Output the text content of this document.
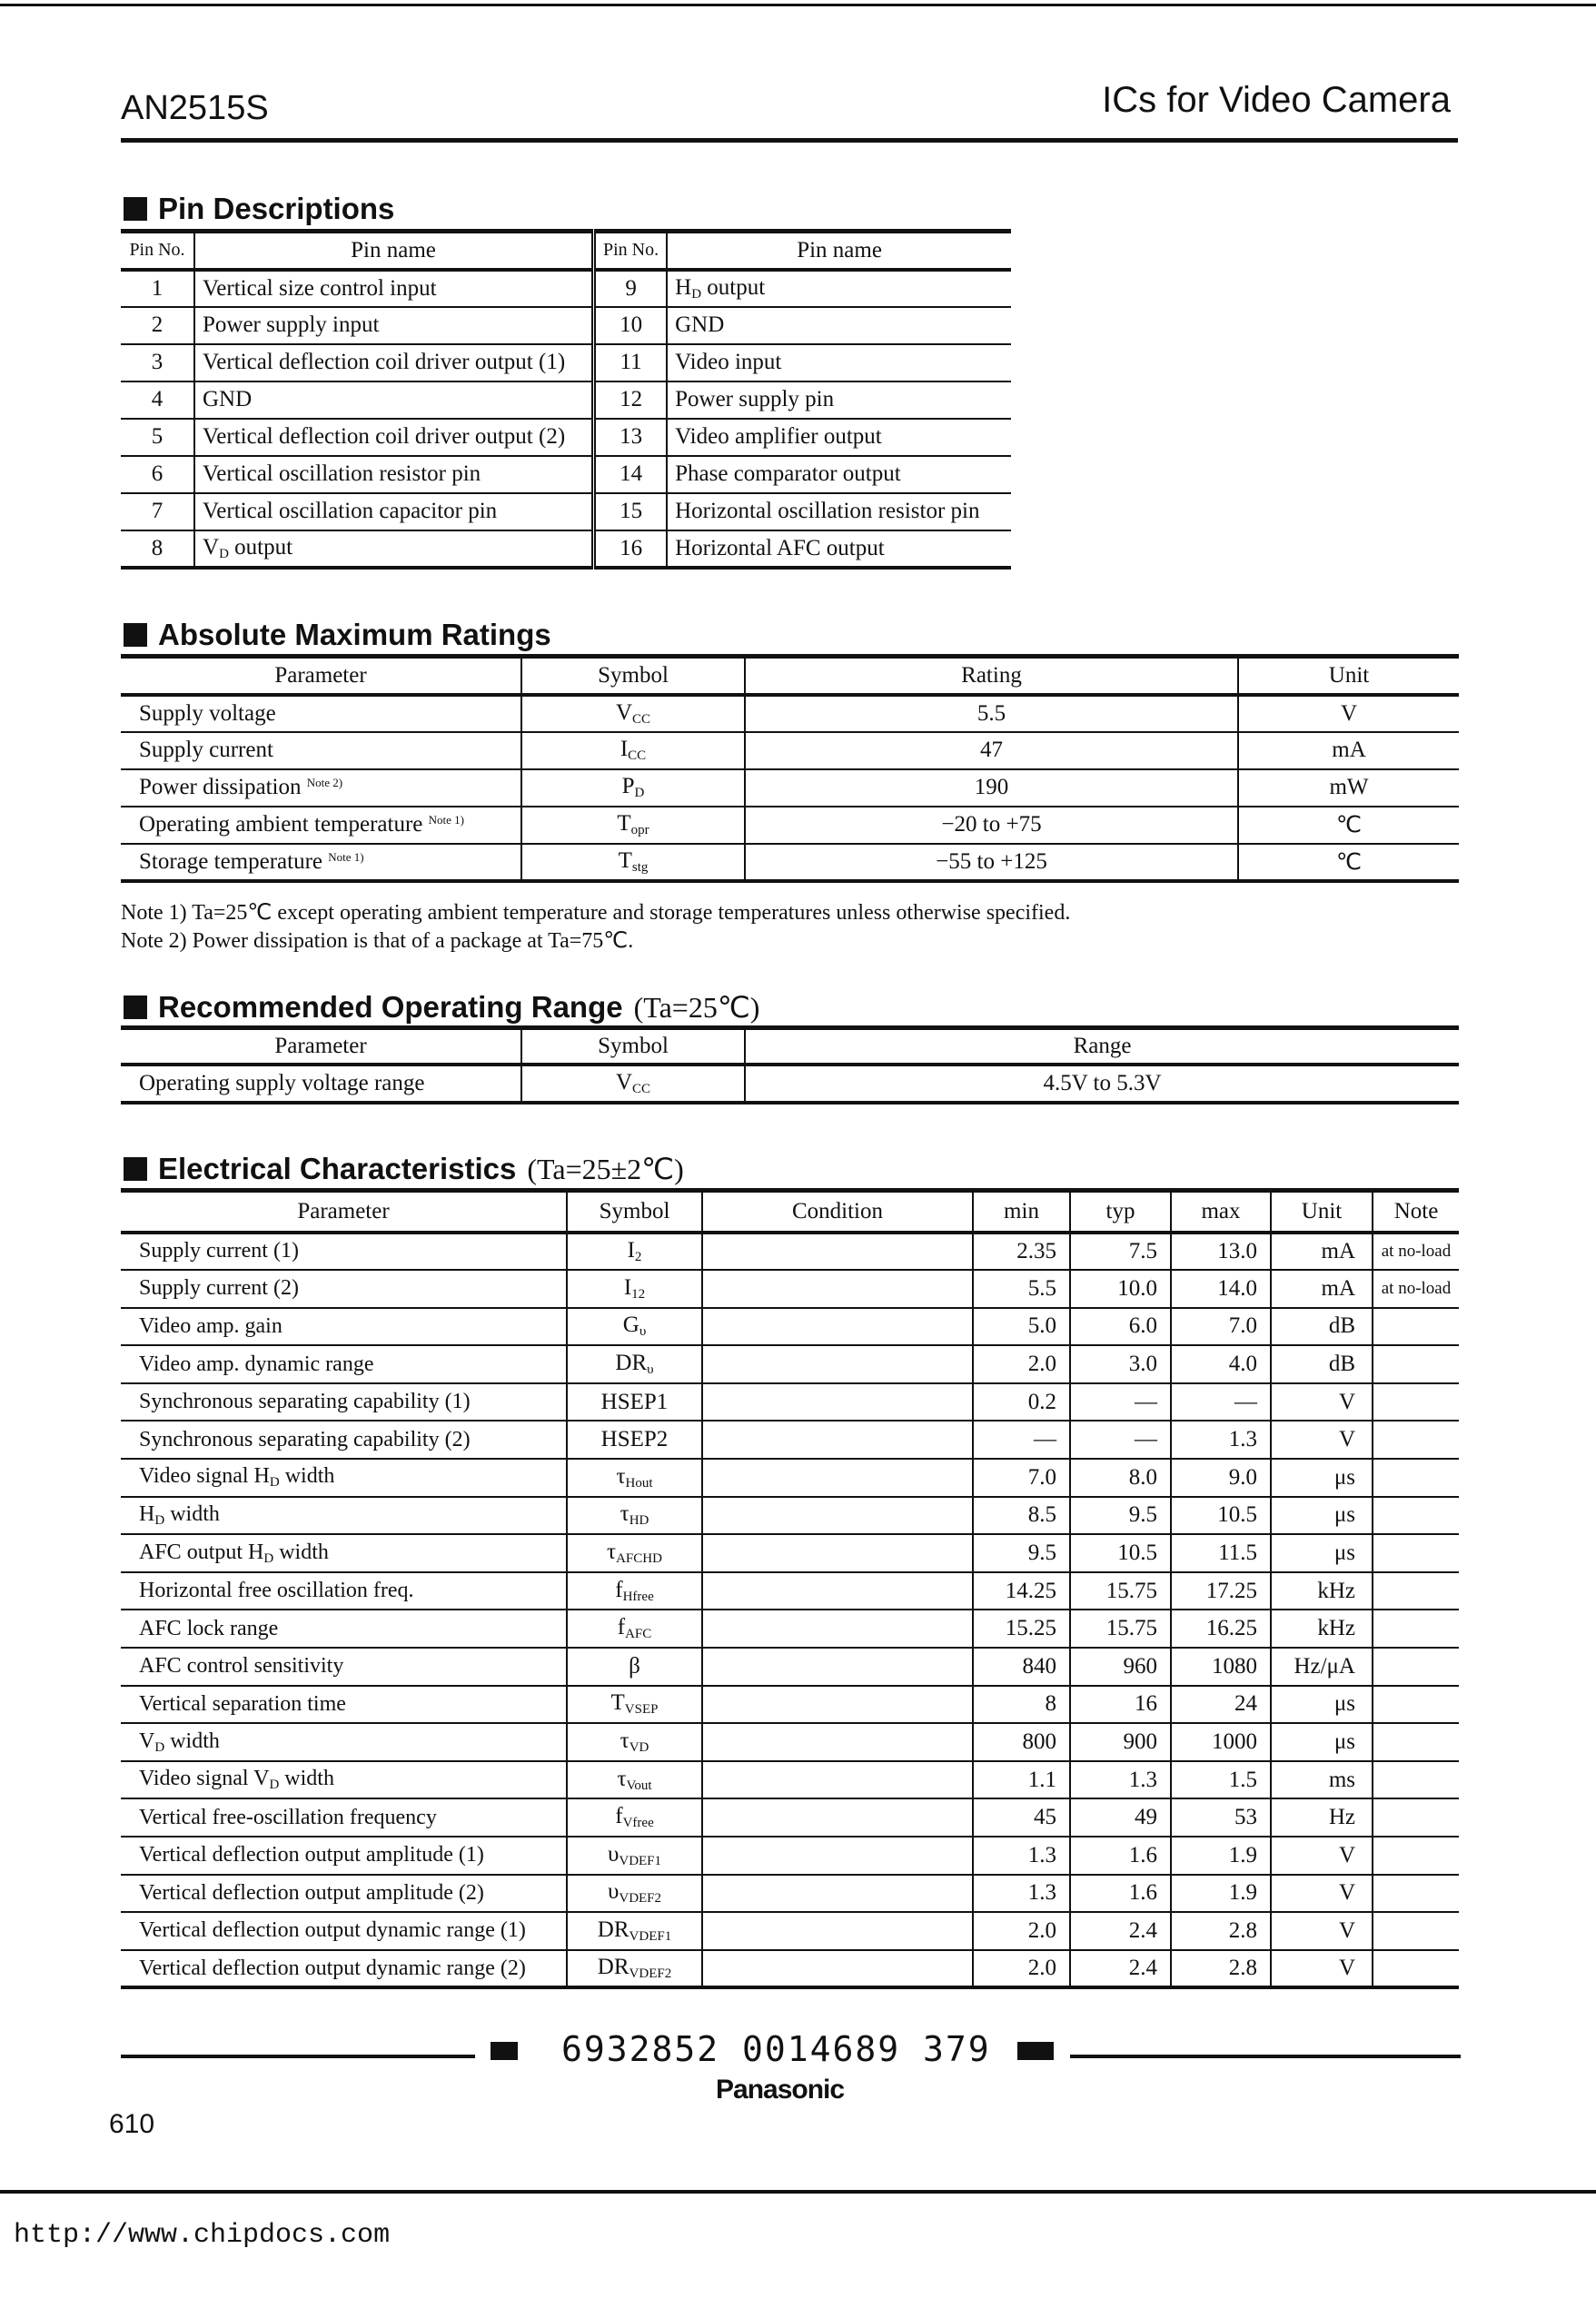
AN2515S	ICs for Video Camera
Pin Descriptions
Pin No.	Pin name	Pin No.	Pin name
1	Vertical size control input	9	$H_D$ output
2	Power supply input	10	GND
3	Vertical deflection coil driver output (1)	11	Video input
4	GND	12	Power supply pin
5	Vertical deflection coil driver output (2)	13	Video amplifier output
6	Vertical oscillation resistor pin	14	Phase comparator output
7	Vertical oscillation capacitor pin	15	Horizontal oscillation resistor pin
8	$V_D$ output	16	Horizontal AFC output
Absolute Maximum Ratings
Parameter	Symbol	Rating	Unit
Supply voltage	$V_{CC}$	5.5	V
Supply current	$I_{CC}$	47	mA
Power dissipation $^{Note 2)}$	$P_D$	190	mW
Operating ambient temperature $^{Note 1)}$	$T_{opr}$	−20 to +75	℃
Storage temperature $^{Note 1)}$	$T_{stg}$	−55 to +125	℃
Note 1) Ta=25℃ except operating ambient temperature and storage temperatures unless otherwise specified.
Note 2) Power dissipation is that of a package at Ta=75℃.
Recommended Operating Range (Ta=25℃)
Parameter	Symbol	Range
Operating supply voltage range	$V_{CC}$	4.5V to 5.3V
Electrical Characteristics (Ta=25±2℃)
Parameter	Symbol	Condition	min	typ	max	Unit	Note
Supply current (1)	$I_2$		2.35	7.5	13.0	mA	at no-load
Supply current (2)	$I_{12}$		5.5	10.0	14.0	mA	at no-load
Video amp. gain	$G_\upsilon$		5.0	6.0	7.0	dB	
Video amp. dynamic range	$DR_\upsilon$		2.0	3.0	4.0	dB	
Synchronous separating capability (1)	HSEP1		0.2	—	—	V	
Synchronous separating capability (2)	HSEP2		—	—	1.3	V	
Video signal $H_D$ width	$\tau_{Hout}$		7.0	8.0	9.0	μs	
$H_D$ width	$\tau_{HD}$		8.5	9.5	10.5	μs	
AFC output $H_D$ width	$\tau_{AFCHD}$		9.5	10.5	11.5	μs	
Horizontal free oscillation freq.	$f_{Hfree}$		14.25	15.75	17.25	kHz	
AFC lock range	$f_{AFC}$		15.25	15.75	16.25	kHz	
AFC control sensitivity	β		840	960	1080	Hz/μA	
Vertical separation time	$T_{VSEP}$		8	16	24	μs	
$V_D$ width	$\tau_{VD}$		800	900	1000	μs	
Video signal $V_D$ width	$\tau_{Vout}$		1.1	1.3	1.5	ms	
Vertical free-oscillation frequency	$f_{Vfree}$		45	49	53	Hz	
Vertical deflection output amplitude (1)	$\upsilon_{VDEF1}$		1.3	1.6	1.9	V	
Vertical deflection output amplitude (2)	$\upsilon_{VDEF2}$		1.3	1.6	1.9	V	
Vertical deflection output dynamic range (1)	$DR_{VDEF1}$		2.0	2.4	2.8	V	
Vertical deflection output dynamic range (2)	$DR_{VDEF2}$		2.0	2.4	2.8	V	
6932852 0014689 379
Panasonic
610
http://www.chipdocs.com
